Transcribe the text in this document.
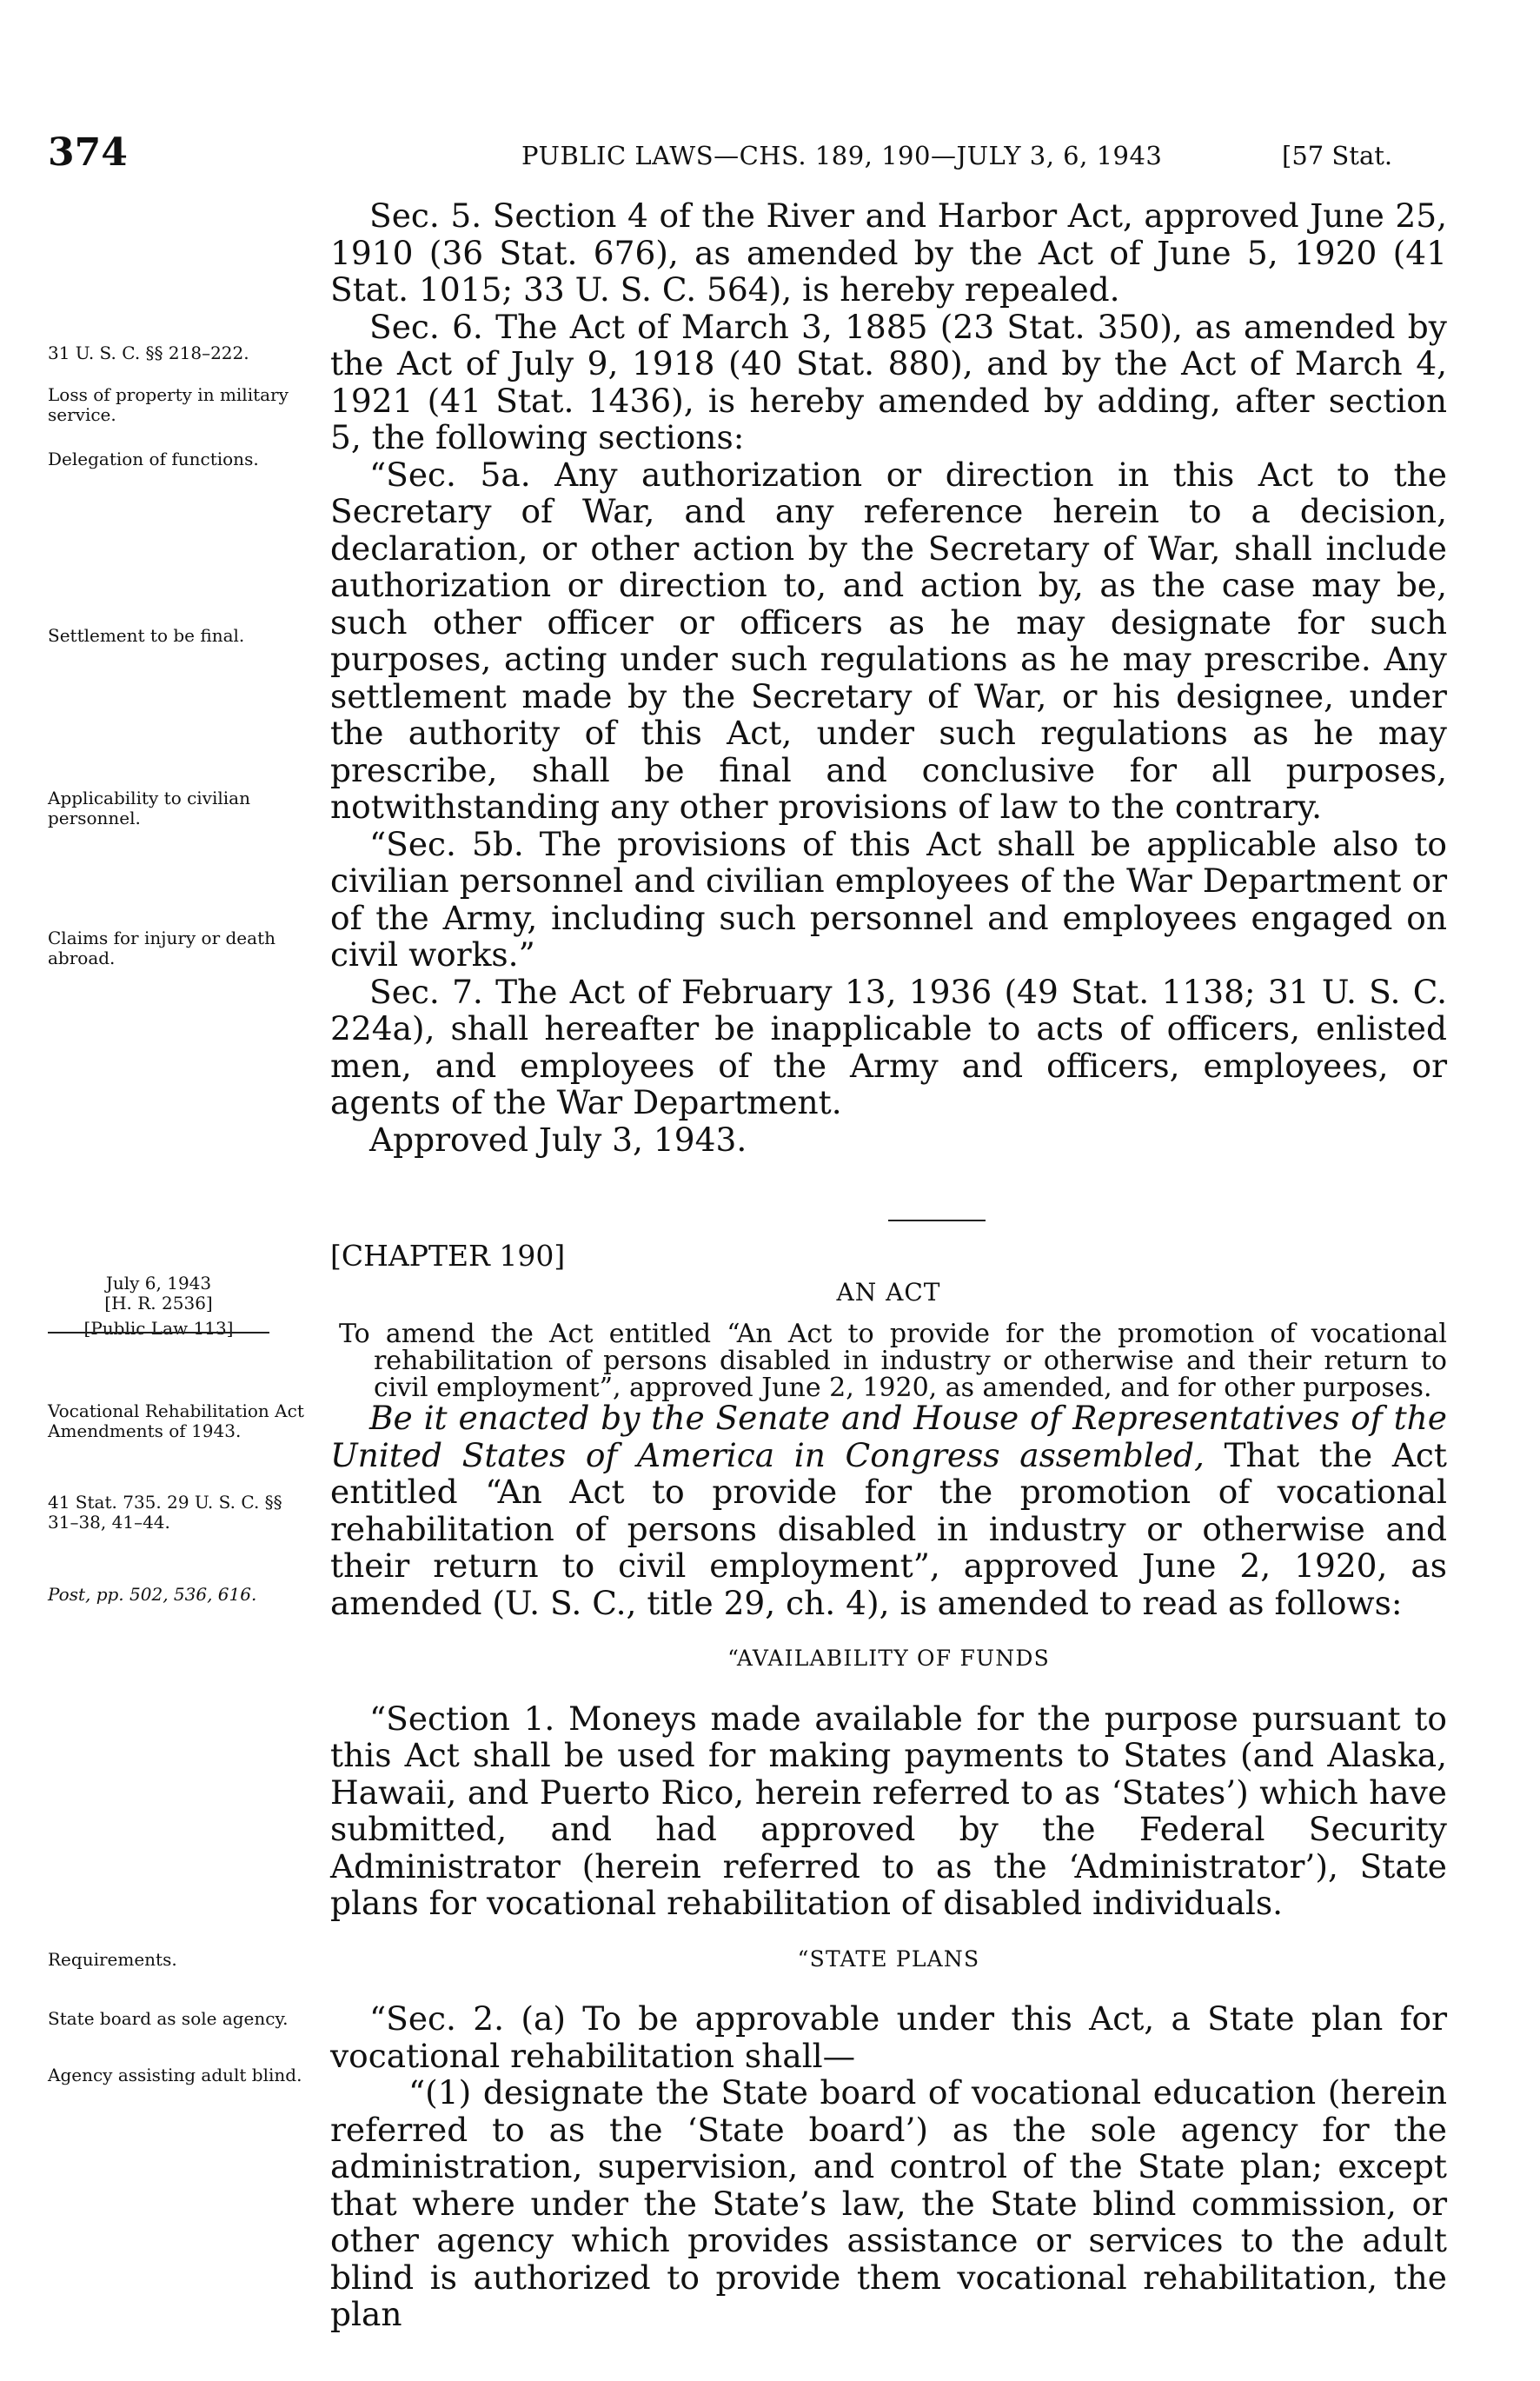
374	PUBLIC LAWS—CHS. 189, 190—JULY 3, 6, 1943	[57 Stat.
31 U. S. C. §§ 218–222.
Loss of property in military service.
Delegation of functions.
Settlement to be final.
Applicability to civilian personnel.
Claims for injury or death abroad.
July 6, 1943
[H. R. 2536]
[Public Law 113]
Vocational Rehabilitation Act Amendments of 1943.
41 Stat. 735. 29 U. S. C. §§ 31–38, 41–44.
Post, pp. 502, 536, 616.
Requirements.
State board as sole agency.
Agency assisting adult blind.

Sec. 5. Section 4 of the River and Harbor Act, approved June 25, 1910 (36 Stat. 676), as amended by the Act of June 5, 1920 (41 Stat. 1015; 33 U. S. C. 564), is hereby repealed.

Sec. 6. The Act of March 3, 1885 (23 Stat. 350), as amended by the Act of July 9, 1918 (40 Stat. 880), and by the Act of March 4, 1921 (41 Stat. 1436), is hereby amended by adding, after section 5, the following sections:

“Sec. 5a. Any authorization or direction in this Act to the Secretary of War, and any reference herein to a decision, declaration, or other action by the Secretary of War, shall include authorization or direction to, and action by, as the case may be, such other officer or officers as he may designate for such purposes, acting under such regulations as he may prescribe. Any settlement made by the Secretary of War, or his designee, under the authority of this Act, under such regulations as he may prescribe, shall be final and conclusive for all purposes, notwithstanding any other provisions of law to the contrary.

“Sec. 5b. The provisions of this Act shall be applicable also to civilian personnel and civilian employees of the War Department or of the Army, including such personnel and employees engaged on civil works.”

Sec. 7. The Act of February 13, 1936 (49 Stat. 1138; 31 U. S. C. 224a), shall hereafter be inapplicable to acts of officers, enlisted men, and employees of the Army and officers, employees, or agents of the War Department.

Approved July 3, 1943.

[CHAPTER 190]
AN ACT
To amend the Act entitled “An Act to provide for the promotion of vocational rehabilitation of persons disabled in industry or otherwise and their return to civil employment”, approved June 2, 1920, as amended, and for other purposes.

Be it enacted by the Senate and House of Representatives of the United States of America in Congress assembled, That the Act entitled “An Act to provide for the promotion of vocational rehabilitation of persons disabled in industry or otherwise and their return to civil employment”, approved June 2, 1920, as amended (U. S. C., title 29, ch. 4), is amended to read as follows:

“AVAILABILITY OF FUNDS

“Section 1. Moneys made available for the purpose pursuant to this Act shall be used for making payments to States (and Alaska, Hawaii, and Puerto Rico, herein referred to as ‘States’) which have submitted, and had approved by the Federal Security Administrator (herein referred to as the ‘Administrator’), State plans for vocational rehabilitation of disabled individuals.

“STATE PLANS

“Sec. 2. (a) To be approvable under this Act, a State plan for vocational rehabilitation shall—

“(1) designate the State board of vocational education (herein referred to as the ‘State board’) as the sole agency for the administration, supervision, and control of the State plan; except that where under the State’s law, the State blind commission, or other agency which provides assistance or services to the adult blind is authorized to provide them vocational rehabilitation, the plan
